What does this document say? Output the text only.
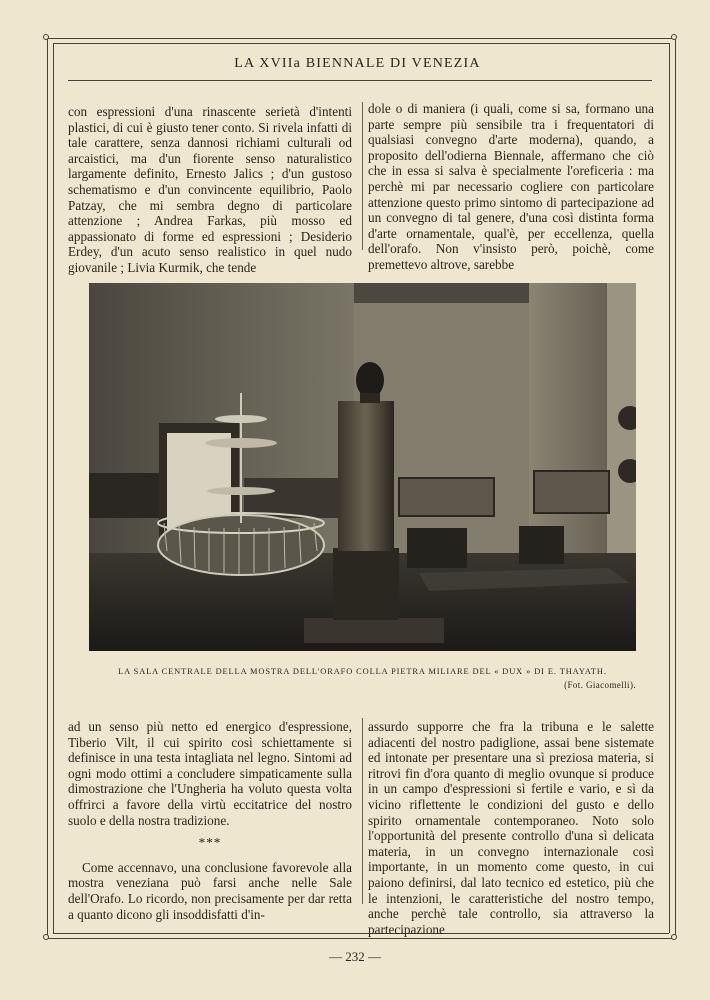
LA XVIIa BIENNALE DI VENEZIA

con espressioni d'una rinascente serietà d'intenti plastici, di cui è giusto tener conto. Si rivela infatti di tale carattere, senza dannosi richiami culturali od arcaistici, ma d'un fiorente senso naturalistico largamente definito, Ernesto Jalics ; d'un gustoso schematismo e d'un convincente equilibrio, Paolo Patzay, che mi sembra degno di particolare attenzione ; Andrea Farkas, più mosso ed appassionato di forme ed espressioni ; Desiderio Erdey, d'un acuto senso realistico in quel nudo giovanile ; Livia Kurmik, che tende

dole o di maniera (i quali, come si sa, formano una parte sempre più sensibile tra i frequentatori di qualsiasi convegno d'arte moderna), quando, a proposito dell'odierna Biennale, affermano che ciò che in essa si salva è specialmente l'oreficeria : ma perchè mi par necessario cogliere con particolare attenzione questo primo sintomo di partecipazione ad un convegno di tal genere, d'una così distinta forma d'arte ornamentale, qual'è, per eccellenza, quella dell'orafo. Non v'insisto però, poichè, come premettevo altrove, sarebbe

LA SALA CENTRALE DELLA MOSTRA DELL'ORAFO COLLA PIETRA MILIARE DEL « DUX » DI E. THAYATH.
(Fot. Giacomelli).

ad un senso più netto ed energico d'espressione, Tiberio Vilt, il cui spirito così schiettamente si definisce in una testa intagliata nel legno. Sintomi ad ogni modo ottimi a concludere simpaticamente sulla dimostrazione che l'Ungheria ha voluto questa volta offrirci a favore della virtù eccitatrice del nostro suolo e della nostra tradizione.

***

Come accennavo, una conclusione favorevole alla mostra veneziana può farsi anche nelle Sale dell'Orafo. Lo ricordo, non precisamente per dar retta a quanto dicono gli insoddisfatti d'in-

assurdo supporre che fra la tribuna e le salette adiacenti del nostro padiglione, assai bene sistemate ed intonate per presentare una sì preziosa materia, si ritrovi fin d'ora quanto di meglio ovunque si produce in un campo d'espressioni sì fertile e vario, e sì da vicino riflettente le condizioni del gusto e dello spirito ornamentale contemporaneo. Noto solo l'opportunità del presente controllo d'una sì delicata materia, in un convegno internazionale così importante, in un momento come questo, in cui paiono definirsi, dal lato tecnico ed estetico, più che le intenzioni, le caratteristiche del nostro tempo, anche perchè tale controllo, sia attraverso la partecipazione

— 232 —
